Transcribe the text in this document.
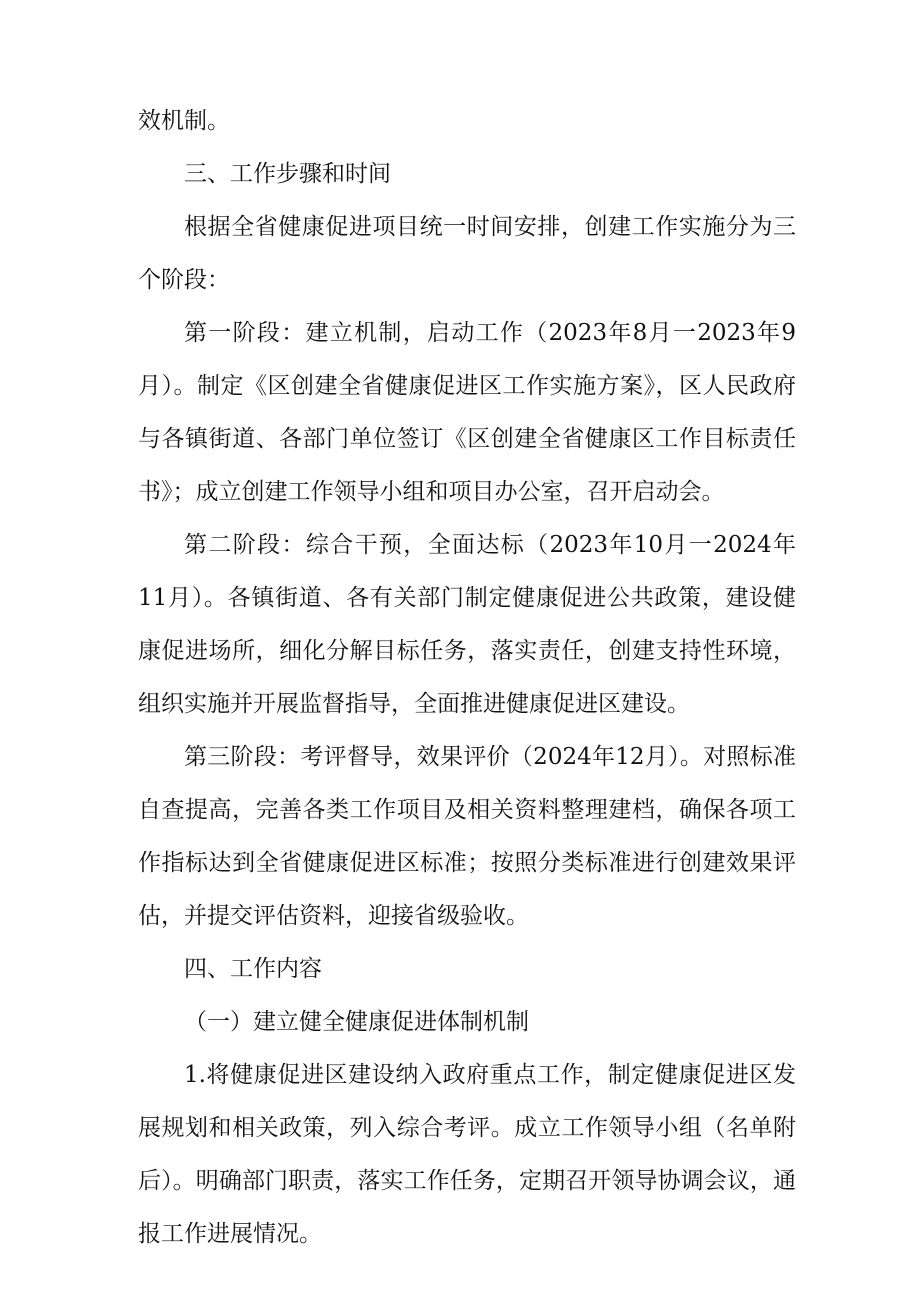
效机制。

三、工作步骤和时间

根据全省健康促进项目统一时间安排，创建工作实施分为三个阶段：

第一阶段：建立机制，启动工作（2023年8月一2023年9月）。制定《区创建全省健康促进区工作实施方案》，区人民政府与各镇街道、各部门单位签订《区创建全省健康区工作目标责任书》；成立创建工作领导小组和项目办公室，召开启动会。

第二阶段：综合干预，全面达标（2023年10月一2024年11月）。各镇街道、各有关部门制定健康促进公共政策，建设健康促进场所，细化分解目标任务，落实责任，创建支持性环境，组织实施并开展监督指导，全面推进健康促进区建设。

第三阶段：考评督导，效果评价（2024年12月）。对照标准自查提高，完善各类工作项目及相关资料整理建档，确保各项工作指标达到全省健康促进区标准；按照分类标准进行创建效果评估，并提交评估资料，迎接省级验收。

四、工作内容

（一）建立健全健康促进体制机制

1.将健康促进区建设纳入政府重点工作，制定健康促进区发展规划和相关政策，列入综合考评。成立工作领导小组（名单附后）。明确部门职责，落实工作任务，定期召开领导协调会议，通报工作进展情况。
